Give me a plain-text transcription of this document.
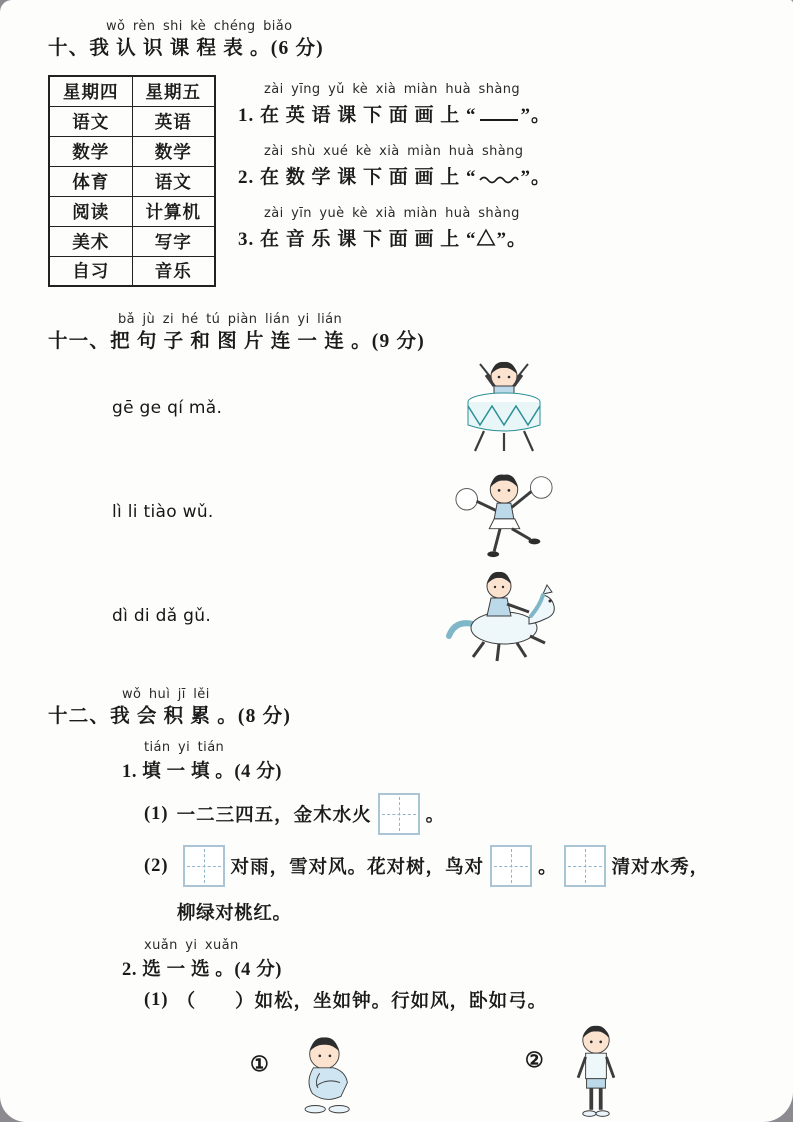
wǒ rèn shi kè chéng biǎo
十、我 认 识 课 程 表 。(6 分)
星期四	星期五
语文	英语
数学	数学
体育	语文
阅读	计算机
美术	写字
自习	音乐
zài yīng yǔ kè xià miàn huà shàng
1. 在 英 语 课 下 面 画 上 “ ”。
zài shù xué kè xià miàn huà shàng
2. 在 数 学 课 下 面 画 上 “ ”。
zài yīn yuè kè xià miàn huà shàng
3. 在 音 乐 课 下 面 画 上 “△”。
bǎ jù zi hé tú piàn lián yi lián
十一、把 句 子 和 图 片 连 一 连 。(9 分)
gē ge qí mǎ.
lì li tiào wǔ.
dì di dǎ gǔ.
wǒ huì jī lěi
十二、我 会 积 累 。(8 分)
tián yi tián
1. 填 一 填 。(4 分)
(1) 一二三四五，金木水火	。
(2)	对雨，雪对风。花对树，鸟对	。	清对水秀，
柳绿对桃红。
xuǎn yi xuǎn
2. 选 一 选 。(4 分)
(1) （　　）如松，坐如钟。行如风，卧如弓。
①	②
